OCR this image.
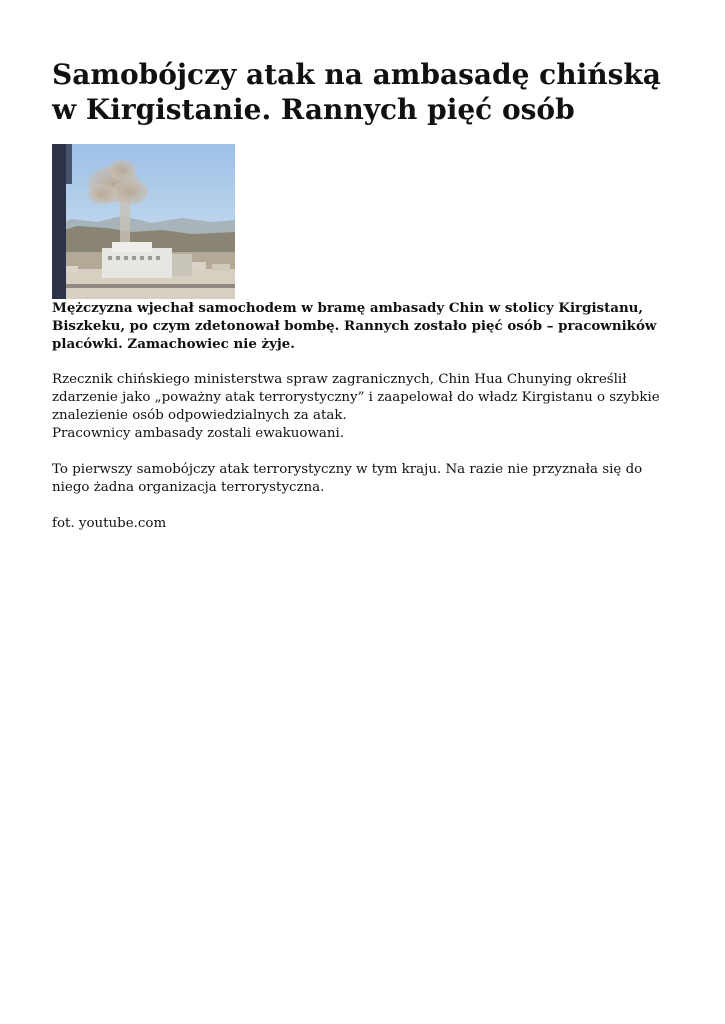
Samobójczy atak na ambasadę chińską w Kirgistanie. Rannych pięć osób

Mężczyzna wjechał samochodem w bramę ambasady Chin w stolicy Kirgistanu, Biszkeku, po czym zdetonował bombę. Rannych zostało pięć osób – pracowników placówki. Zamachowiec nie żyje.

Rzecznik chińskiego ministerstwa spraw zagranicznych, Chin Hua Chunying określił zdarzenie jako „poważny atak terrorystyczny” i zaapelował do władz Kirgistanu o szybkie znalezienie osób odpowiedzialnych za atak.

Pracownicy ambasady zostali ewakuowani.

To pierwszy samobójczy atak terrorystyczny w tym kraju. Na razie nie przyznała się do niego żadna organizacja terrorystyczna.

fot. youtube.com
